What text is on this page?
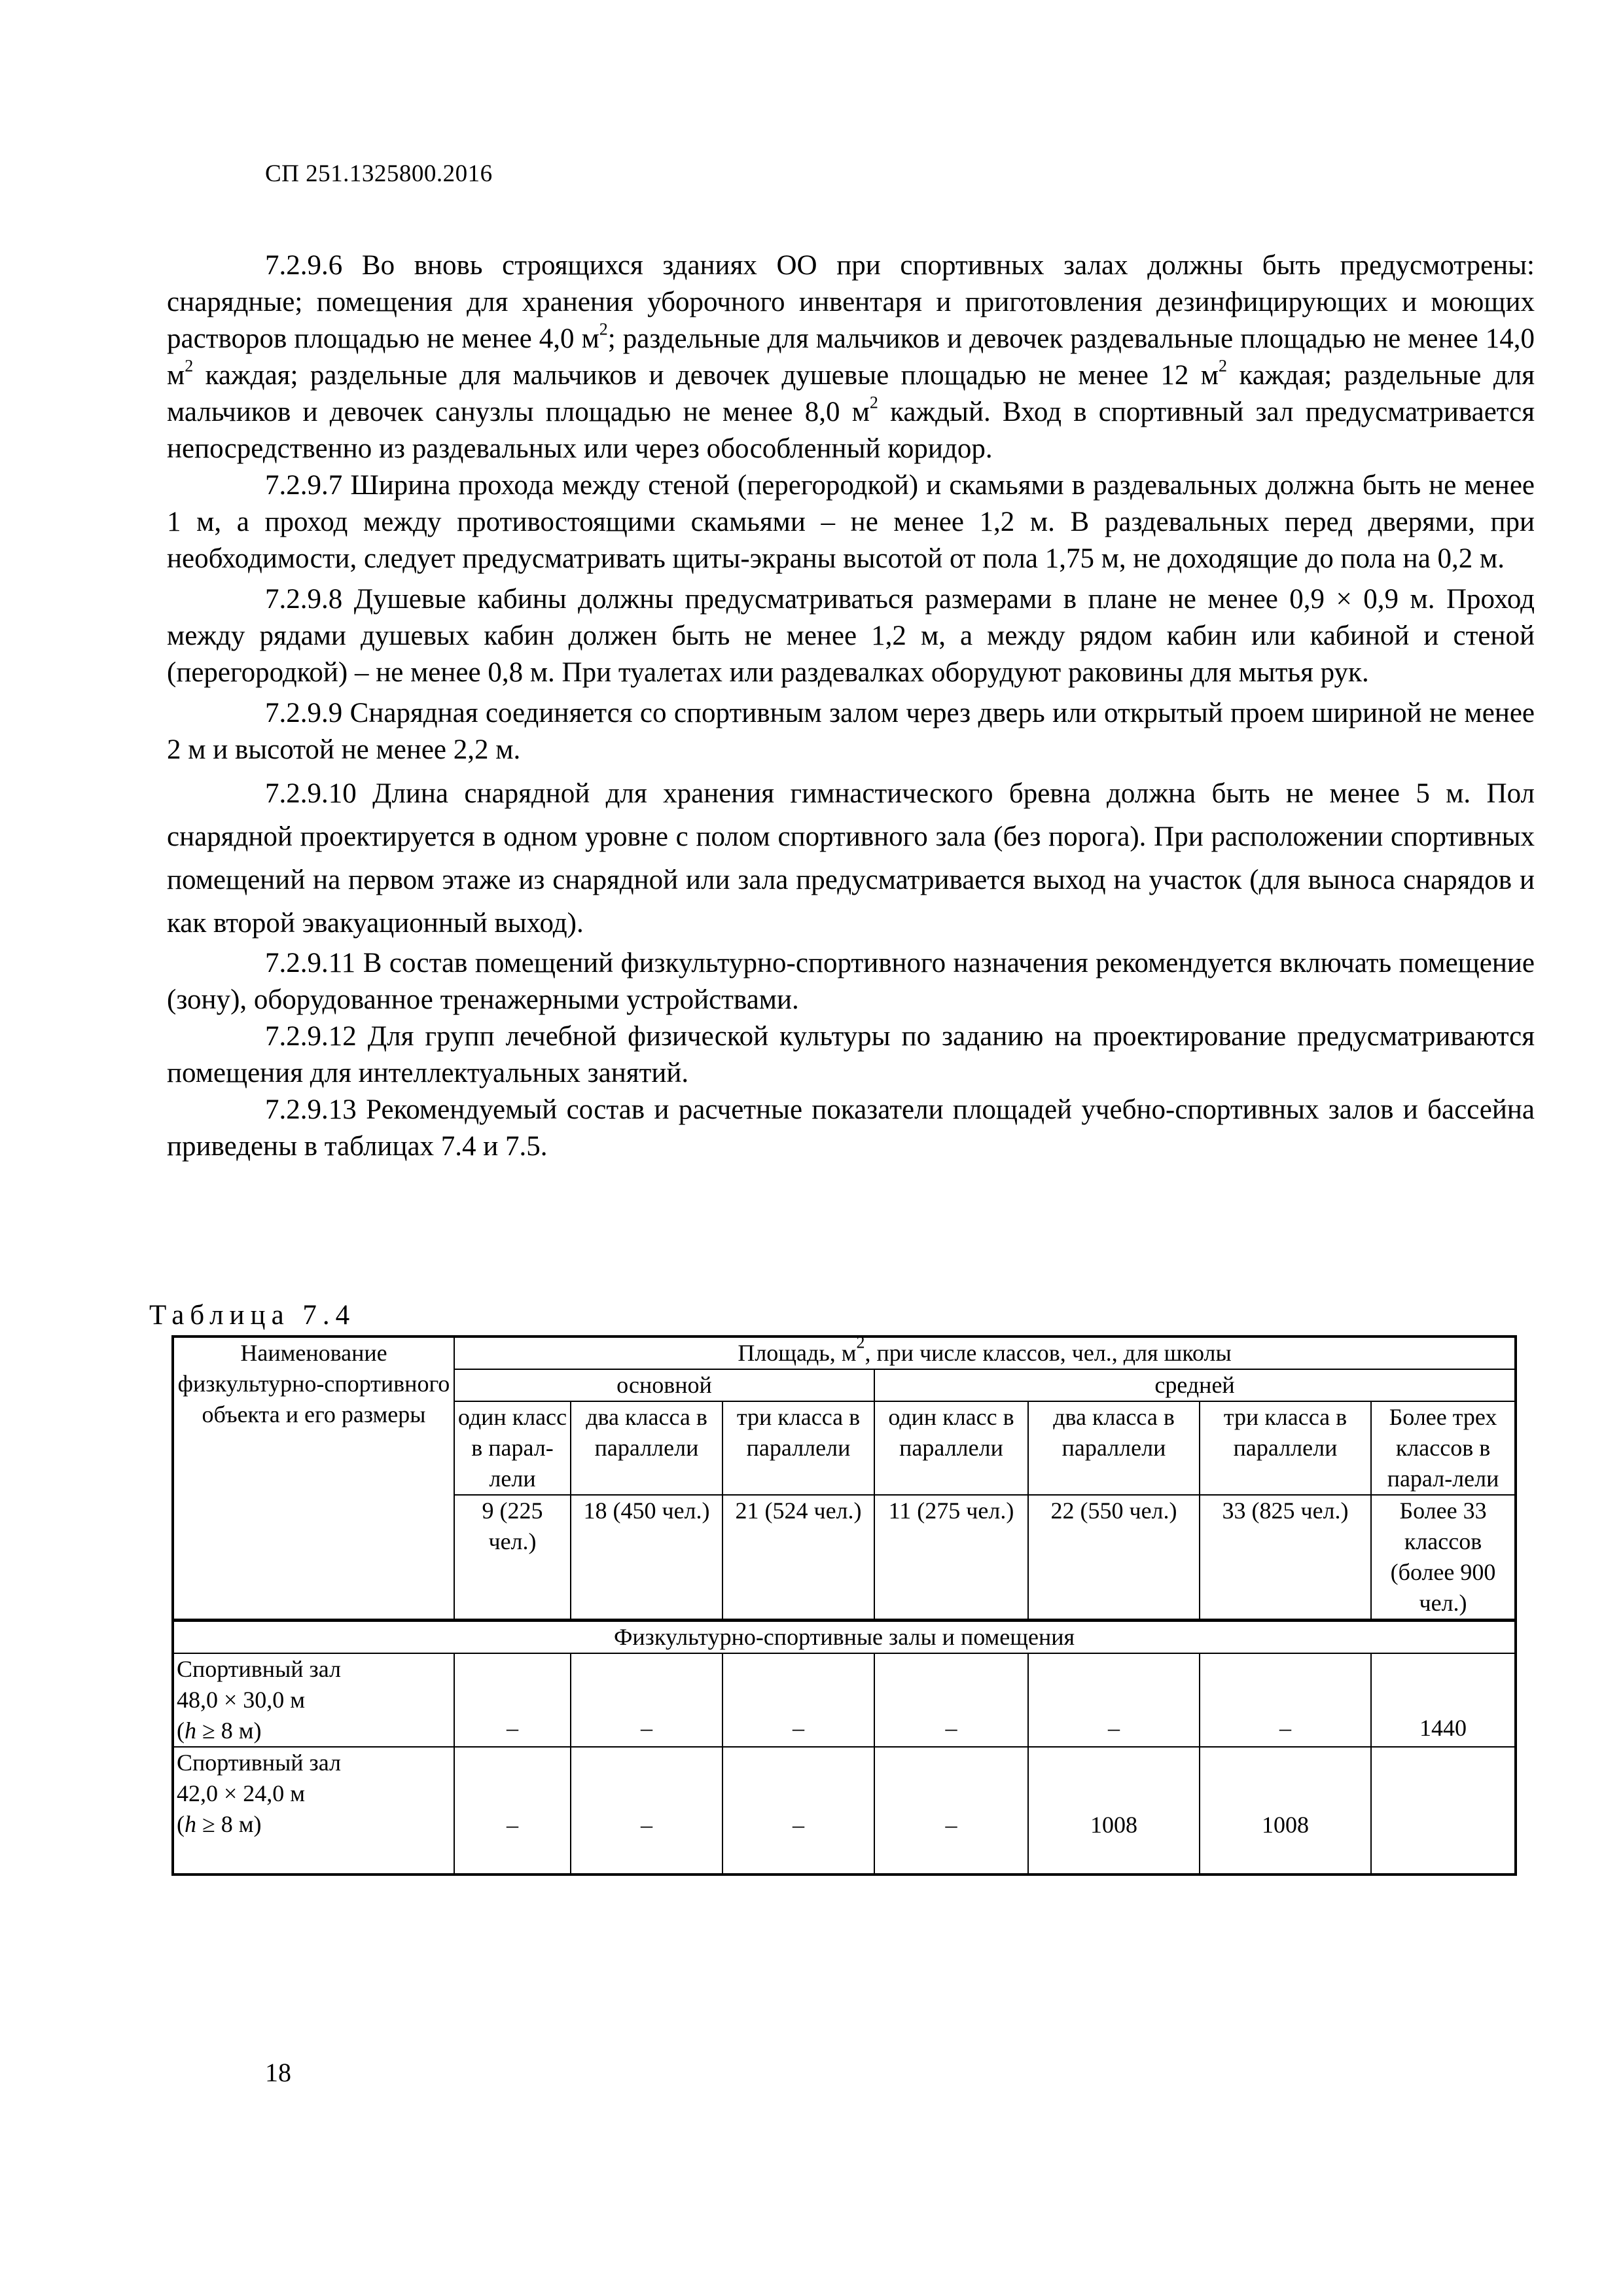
СП 251.1325800.2016

7.2.9.6 Во вновь строящихся зданиях ОО при спортивных залах должны быть предусмотрены: снарядные; помещения для хранения уборочного инвентаря и приготовления дезинфицирующих и моющих растворов площадью не менее 4,0 $м^2$; раздельные для мальчиков и девочек раздевальные площадью не менее 14,0 $м^2$ каждая; раздельные для мальчиков и девочек душевые площадью не менее 12 $м^2$ каждая; раздельные для мальчиков и девочек санузлы площадью не менее 8,0 $м^2$ каждый. Вход в спортивный зал предусматривается непосредственно из раздевальных или через обособленный коридор.

7.2.9.7 Ширина прохода между стеной (перегородкой) и скамьями в раздевальных должна быть не менее 1 м, а проход между противостоящими скамьями – не менее 1,2 м. В раздевальных перед дверями, при необходимости, следует предусматривать щиты-экраны высотой от пола 1,75 м, не доходящие до пола на 0,2 м.

7.2.9.8 Душевые кабины должны предусматриваться размерами в плане не менее 0,9 × 0,9 м. Проход между рядами душевых кабин должен быть не менее 1,2 м, а между рядом кабин или кабиной и стеной (перегородкой) – не менее 0,8 м. При туалетах или раздевалках оборудуют раковины для мытья рук.

7.2.9.9 Снарядная соединяется со спортивным залом через дверь или открытый проем шириной не менее 2 м и высотой не менее 2,2 м.

7.2.9.10 Длина снарядной для хранения гимнастического бревна должна быть не менее 5 м. Пол снарядной проектируется в одном уровне с полом спортивного зала (без порога). При расположении спортивных помещений на первом этаже из снарядной или зала предусматривается выход на участок (для выноса снарядов и как второй эвакуационный выход).

7.2.9.11 В состав помещений физкультурно-спортивного назначения рекомендуется включать помещение (зону), оборудованное тренажерными устройствами.

7.2.9.12 Для групп лечебной физической культуры по заданию на проектирование предусматриваются помещения для интеллектуальных занятий.

7.2.9.13 Рекомендуемый состав и расчетные показатели площадей учебно-спортивных залов и бассейна приведены в таблицах 7.4 и 7.5.

Таблица 7.4
Наименование физкультурно-спортивного объекта и его размеры	Площадь, $м^2$, при числе классов, чел., для школы						
	основной			средней			
	один класс в парал-лели	два класса в параллели	три класса в параллели	один класс в параллели	два класса в параллели	три класса в параллели	Более трех классов в парал-лели
	9 (225 чел.)	18 (450 чел.)	21 (524 чел.)	11 (275 чел.)	22 (550 чел.)	33 (825 чел.)	Более 33 классов (более 900 чел.)
Физкультурно-спортивные залы и помещения							
Спортивный зал
48,0 × 30,0 м
(h ≥ 8 м)	–	–	–	–	–	–	1440
Спортивный зал
42,0 × 24,0 м
(h ≥ 8 м)	–	–	–	–	1008	1008	
18
